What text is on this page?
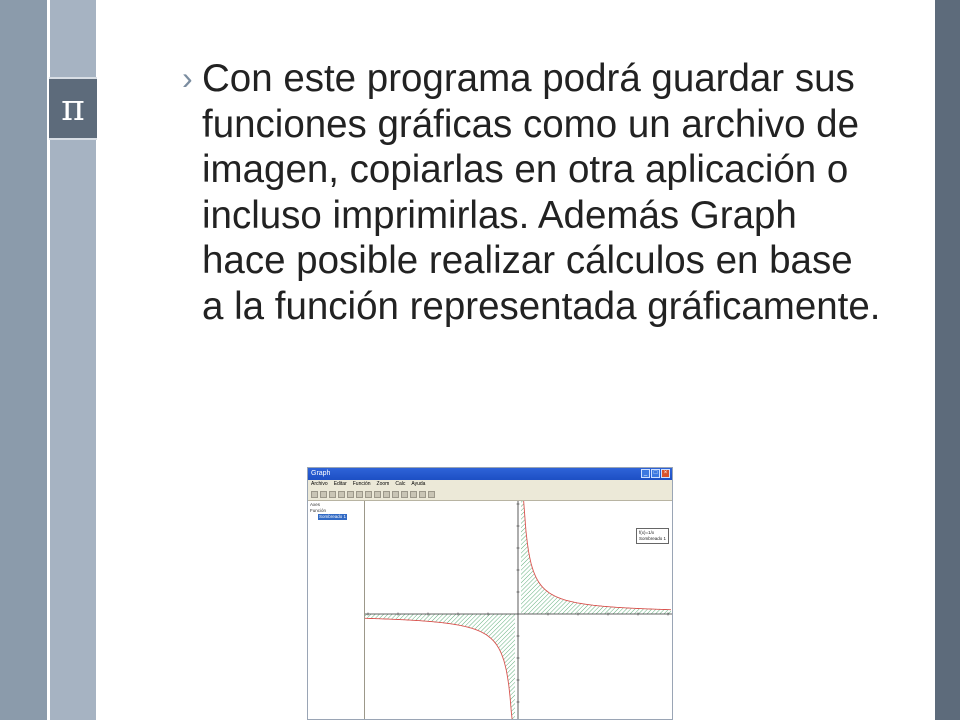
π
› Con este programa podrá guardar sus funciones gráficas como un archivo de imagen, copiarlas en otra aplicación o incluso imprimirlas. Además Graph hace posible realizar cálculos en base a la función representada gráficamente.
Graph	_	□	×
Archivo Editar Función Zoom Calc Ayuda
Axes
Función
Sombreado 1
f(x)=1/x
Sombreado 1
